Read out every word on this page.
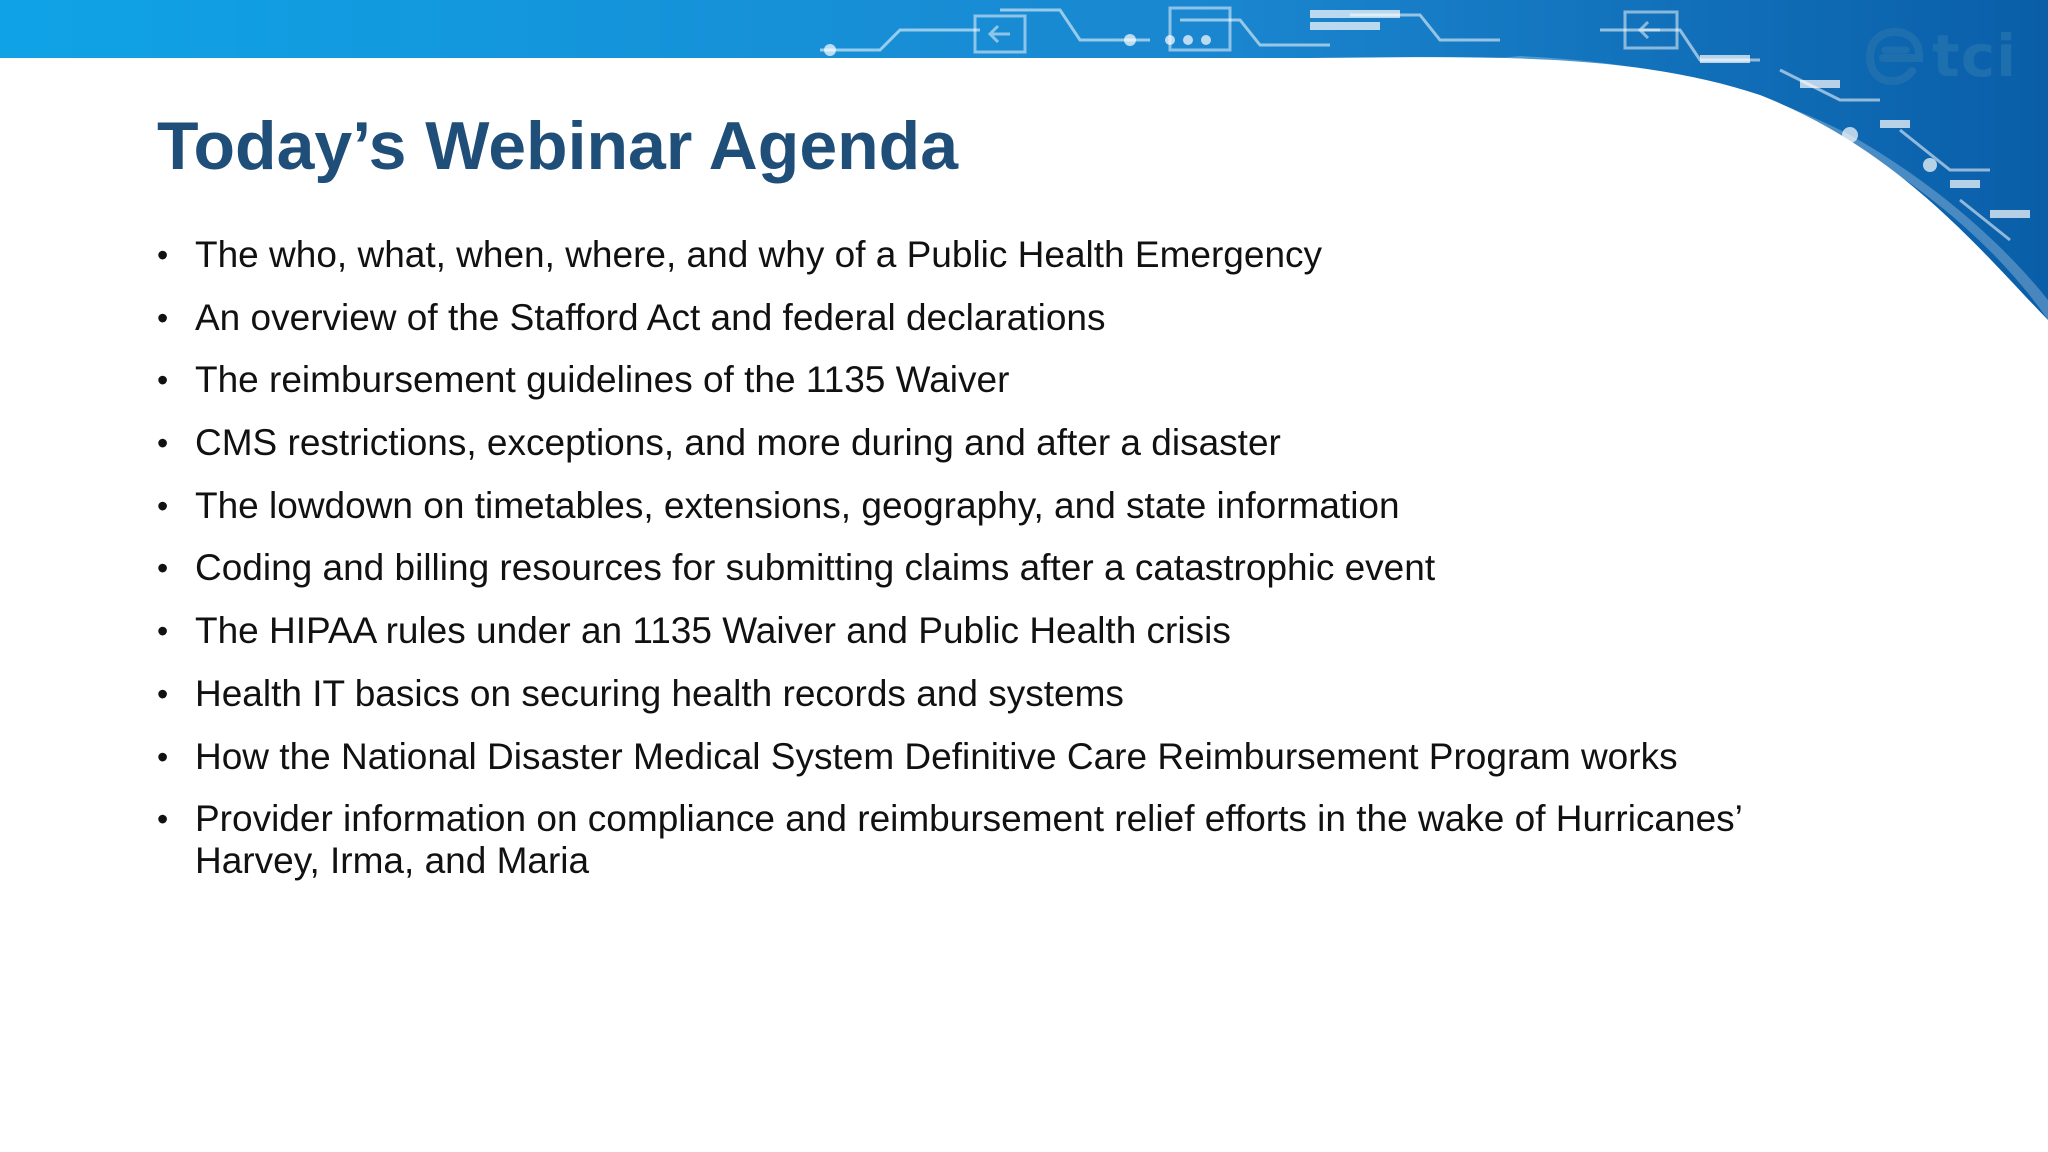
tci
Today’s Webinar Agenda
• The who, what, when, where, and why of a Public Health Emergency
• An overview of the Stafford Act and federal declarations
• The reimbursement guidelines of the 1135 Waiver
• CMS restrictions, exceptions, and more during and after a disaster
• The lowdown on timetables, extensions, geography, and state information
• Coding and billing resources for submitting claims after a catastrophic event
• The HIPAA rules under an 1135 Waiver and Public Health crisis
• Health IT basics on securing health records and systems
• How the National Disaster Medical System Definitive Care Reimbursement Program works
• Provider information on compliance and reimbursement relief efforts in the wake of Hurricanes’
Harvey, Irma, and Maria
